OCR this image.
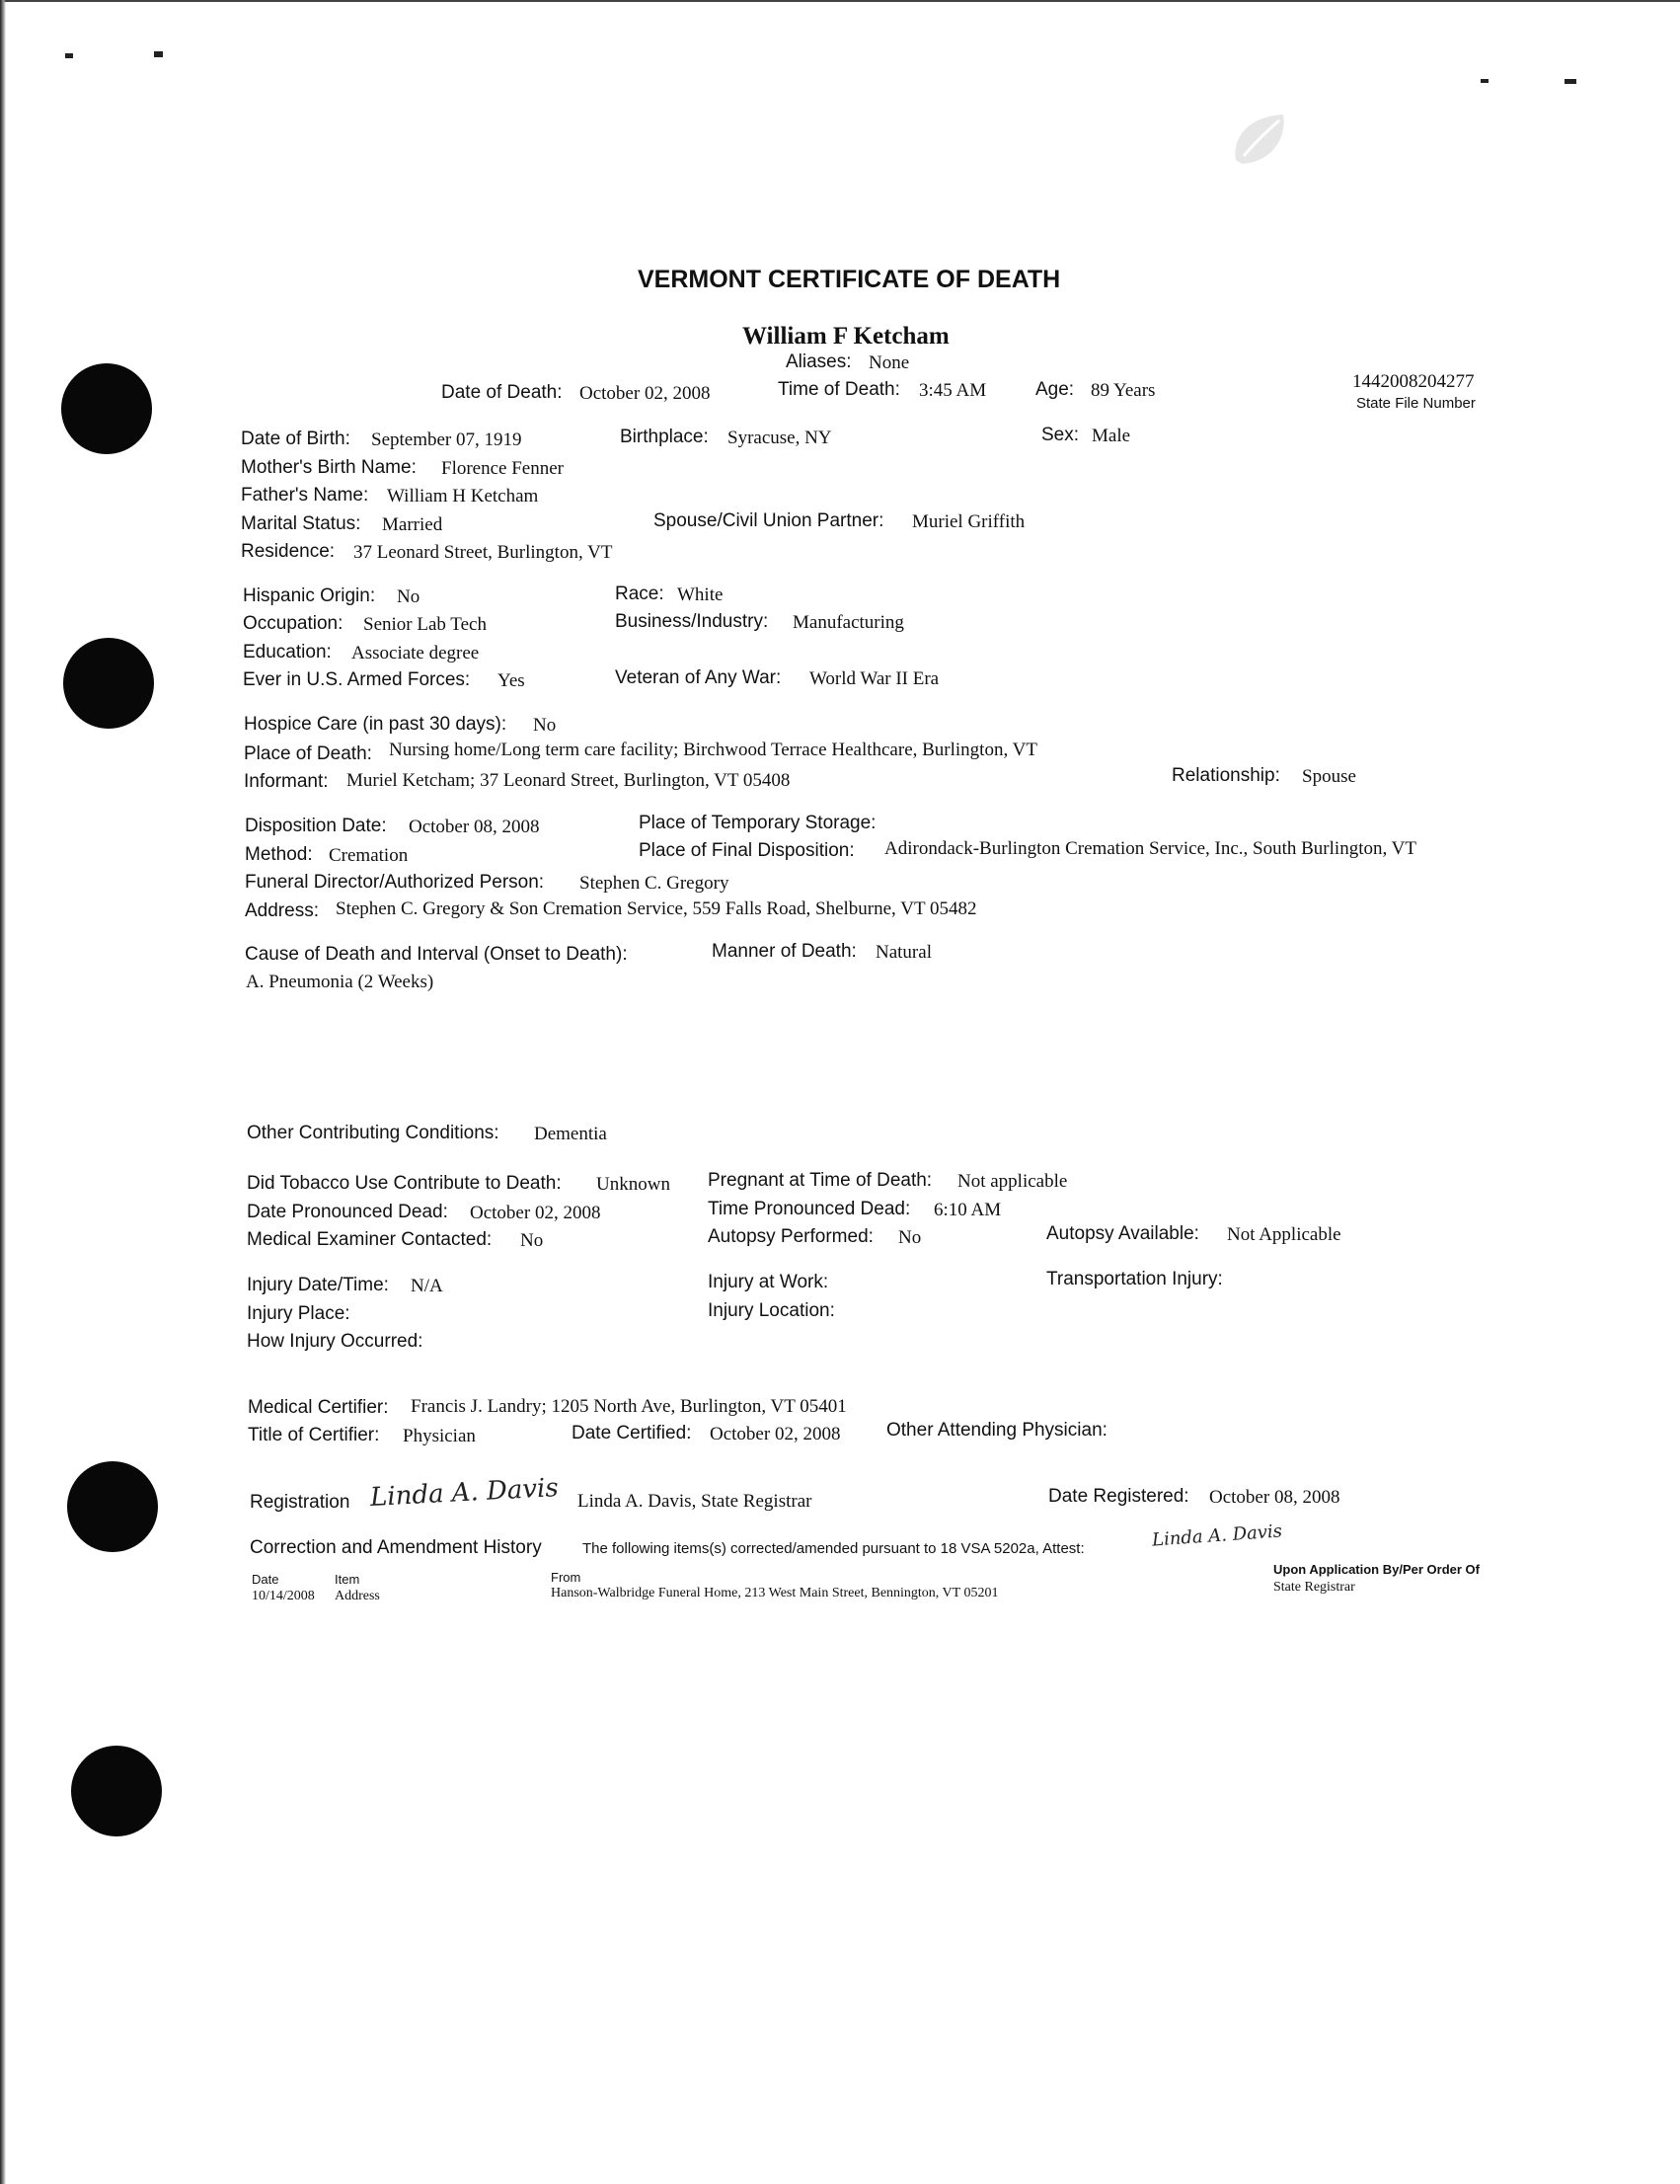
VERMONT CERTIFICATE OF DEATH
William F Ketcham
Aliases: None
Date of Death: October 02, 2008	Time of Death: 3:45 AM	Age: 89 Years	1442008204277
State File Number
Date of Birth: September 07, 1919	Birthplace: Syracuse, NY	Sex: Male
Mother's Birth Name: Florence Fenner
Father's Name: William H Ketcham
Marital Status: Married	Spouse/Civil Union Partner: Muriel Griffith
Residence: 37 Leonard Street, Burlington, VT
Hispanic Origin: No	Race: White
Occupation: Senior Lab Tech	Business/Industry: Manufacturing
Education: Associate degree
Ever in U.S. Armed Forces: Yes	Veteran of Any War: World War II Era
Hospice Care (in past 30 days): No
Place of Death: Nursing home/Long term care facility; Birchwood Terrace Healthcare, Burlington, VT
Informant: Muriel Ketcham; 37 Leonard Street, Burlington, VT 05408	Relationship: Spouse
Disposition Date: October 08, 2008	Place of Temporary Storage:
Method: Cremation	Place of Final Disposition: Adirondack-Burlington Cremation Service, Inc., South Burlington, VT
Funeral Director/Authorized Person: Stephen C. Gregory
Address: Stephen C. Gregory & Son Cremation Service, 559 Falls Road, Shelburne, VT 05482
Cause of Death and Interval (Onset to Death):	Manner of Death: Natural
A. Pneumonia (2 Weeks)
Other Contributing Conditions: Dementia
Did Tobacco Use Contribute to Death: Unknown Pregnant at Time of Death: Not applicable
Date Pronounced Dead: October 02, 2008	Time Pronounced Dead: 6:10 AM
Medical Examiner Contacted: No	Autopsy Performed: No	Autopsy Available: Not Applicable
Injury Date/Time: N/A	Injury at Work:	Transportation Injury:
Injury Place:	Injury Location:
How Injury Occurred:
Medical Certifier: Francis J. Landry; 1205 North Ave, Burlington, VT 05401
Title of Certifier: Physician	Date Certified: October 02, 2008 Other Attending Physician:
Registration Linda A. Davis Linda A. Davis, State Registrar	Date Registered: October 08, 2008
Correction and Amendment History	The following items(s) corrected/amended pursuant to 18 VSA 5202a, Attest:	Linda A. Davis
Upon Application By/Per Order Of
State Registrar
Date	Item	From
10/14/2008 Address	Hanson-Walbridge Funeral Home, 213 West Main Street, Bennington, VT 05201
